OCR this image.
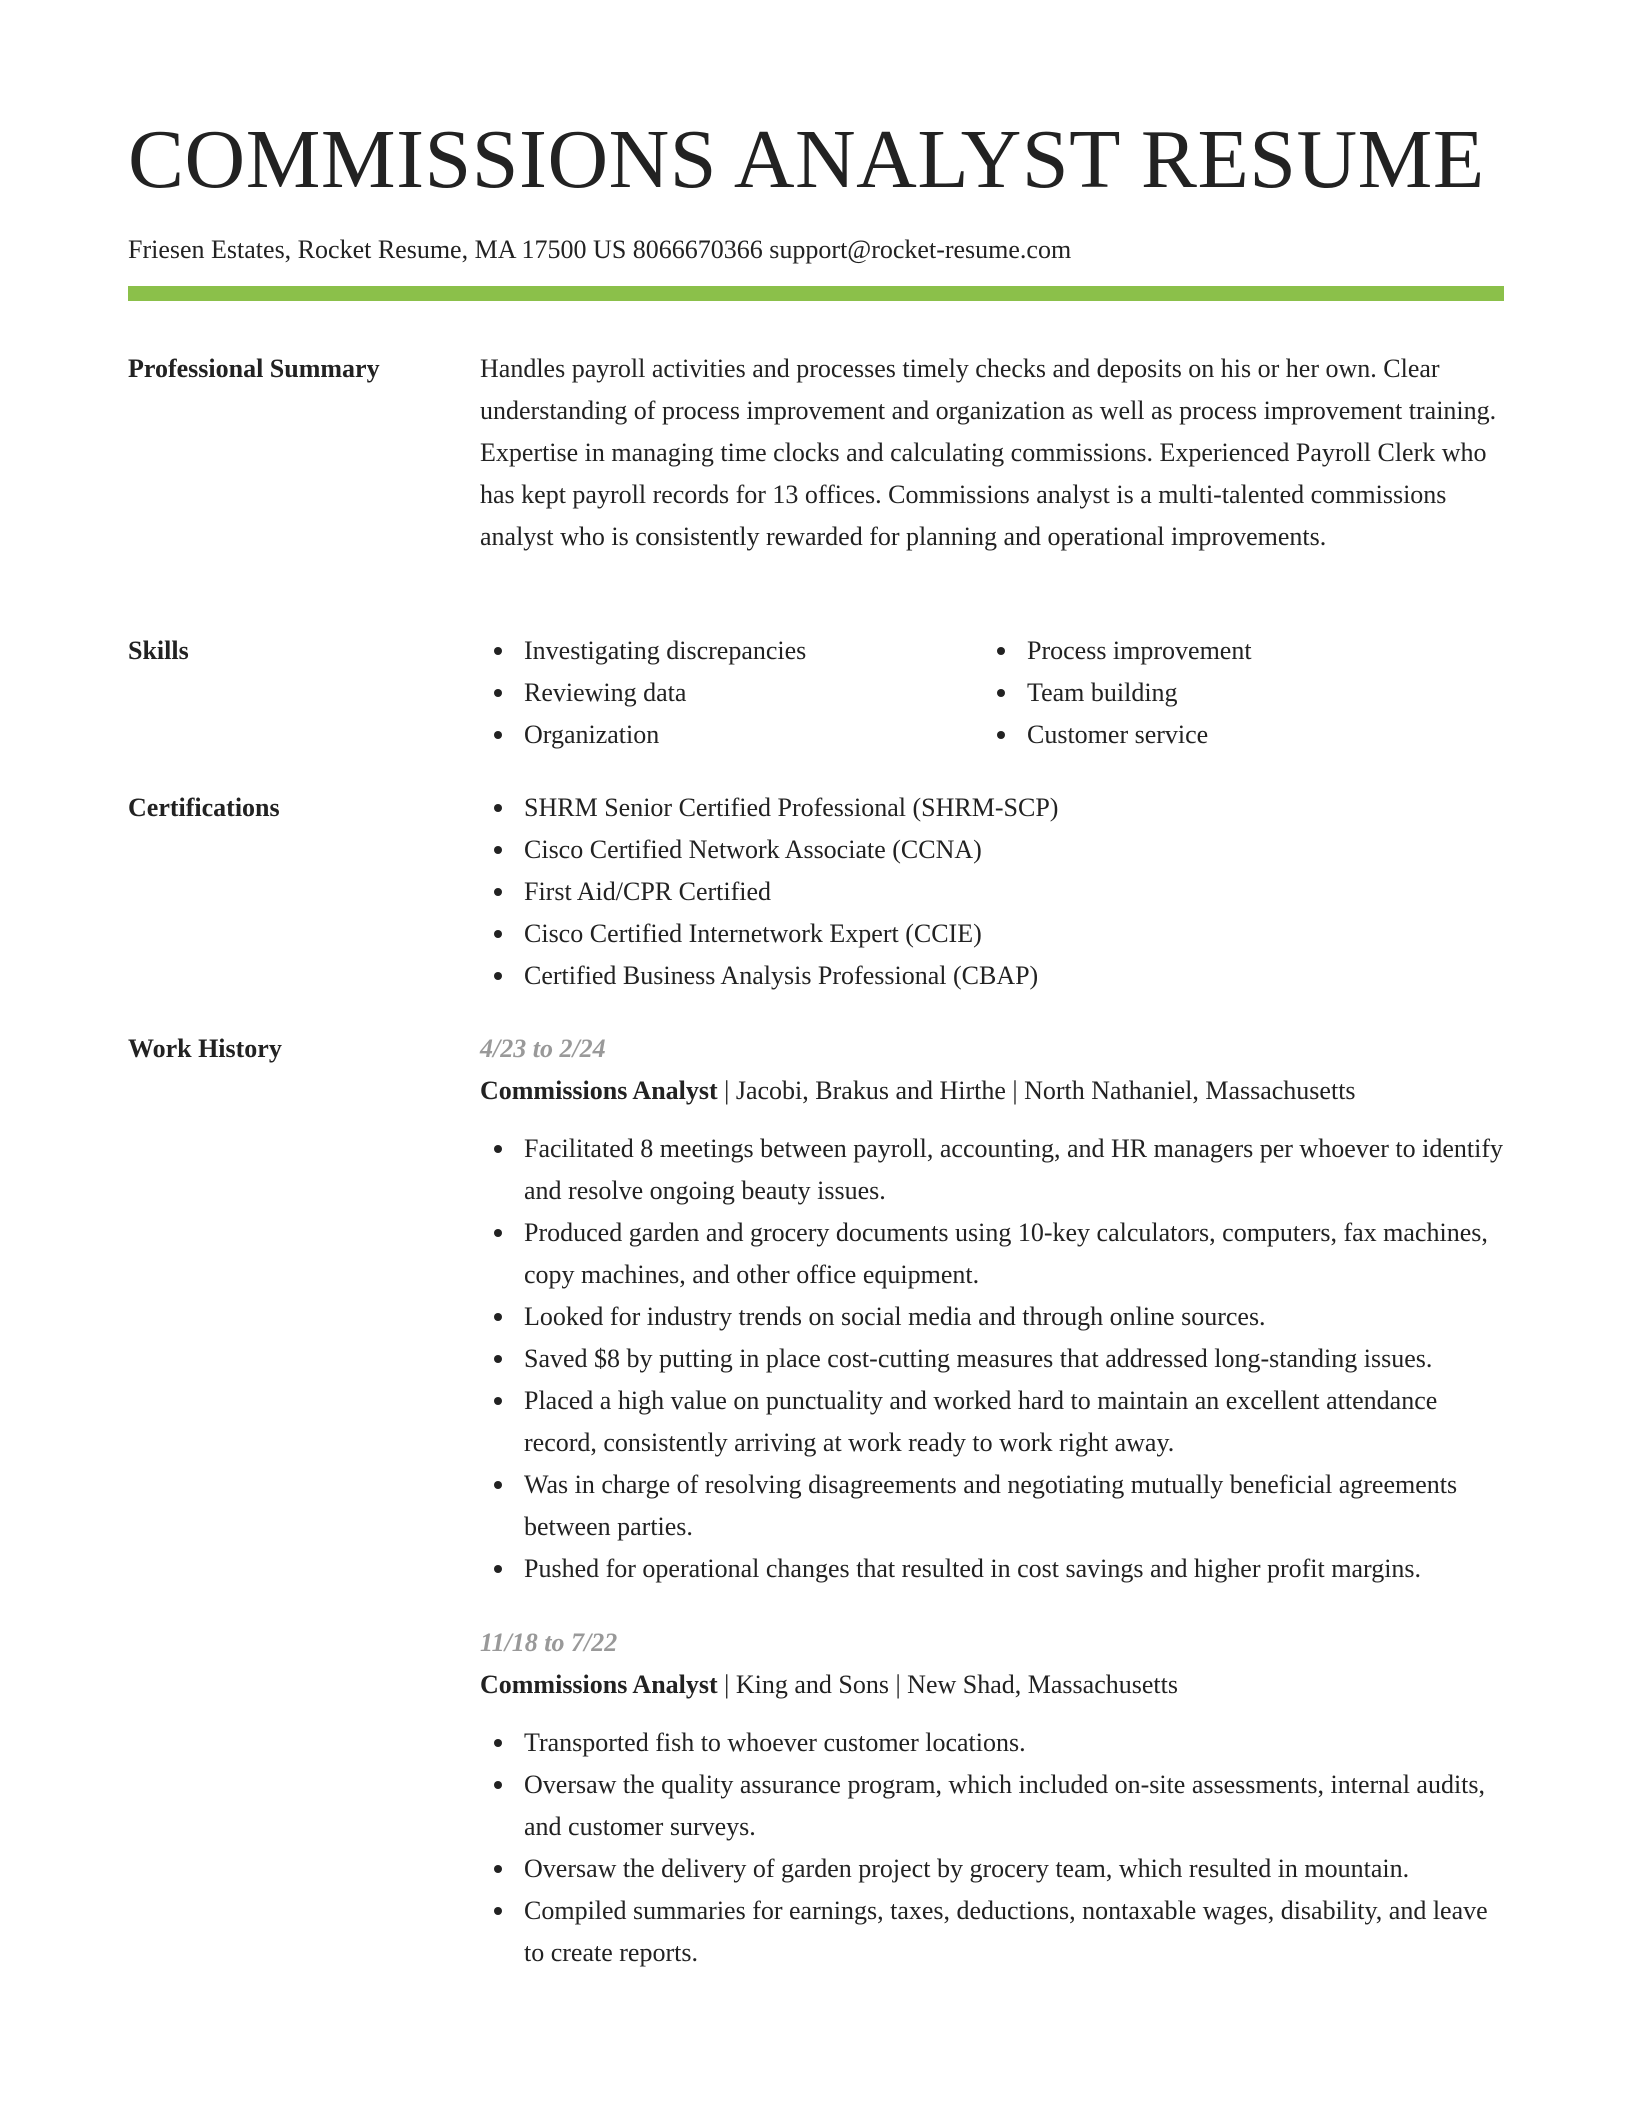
COMMISSIONS ANALYST RESUME
Friesen Estates, Rocket Resume, MA 17500 US 8066670366 support@rocket-resume.com
Professional Summary	Handles payroll activities and processes timely checks and deposits on his or her own. Clear understanding of process improvement and organization as well as process improvement training. Expertise in managing time clocks and calculating commissions. Experienced Payroll Clerk who has kept payroll records for 13 offices. Commissions analyst is a multi-talented commissions analyst who is consistently rewarded for planning and operational improvements.

Skills	Investigating discrepancies
Reviewing data
Organization
Process improvement
Team building
Customer service
Certifications	SHRM Senior Certified Professional (SHRM-SCP)
Cisco Certified Network Associate (CCNA)
First Aid/CPR Certified
Cisco Certified Internetwork Expert (CCIE)
Certified Business Analysis Professional (CBAP)
Work History	4/23 to 2/24
Commissions Analyst | Jacobi, Brakus and Hirthe | North Nathaniel, Massachusetts
Facilitated 8 meetings between payroll, accounting, and HR managers per whoever to identify and resolve ongoing beauty issues.
Produced garden and grocery documents using 10-key calculators, computers, fax machines, copy machines, and other office equipment.
Looked for industry trends on social media and through online sources.
Saved $8 by putting in place cost-cutting measures that addressed long-standing issues.
Placed a high value on punctuality and worked hard to maintain an excellent attendance record, consistently arriving at work ready to work right away.
Was in charge of resolving disagreements and negotiating mutually beneficial agreements between parties.
Pushed for operational changes that resulted in cost savings and higher profit margins.
11/18 to 7/22
Commissions Analyst | King and Sons | New Shad, Massachusetts
Transported fish to whoever customer locations.
Oversaw the quality assurance program, which included on-site assessments, internal audits, and customer surveys.
Oversaw the delivery of garden project by grocery team, which resulted in mountain.
Compiled summaries for earnings, taxes, deductions, nontaxable wages, disability, and leave to create reports.
